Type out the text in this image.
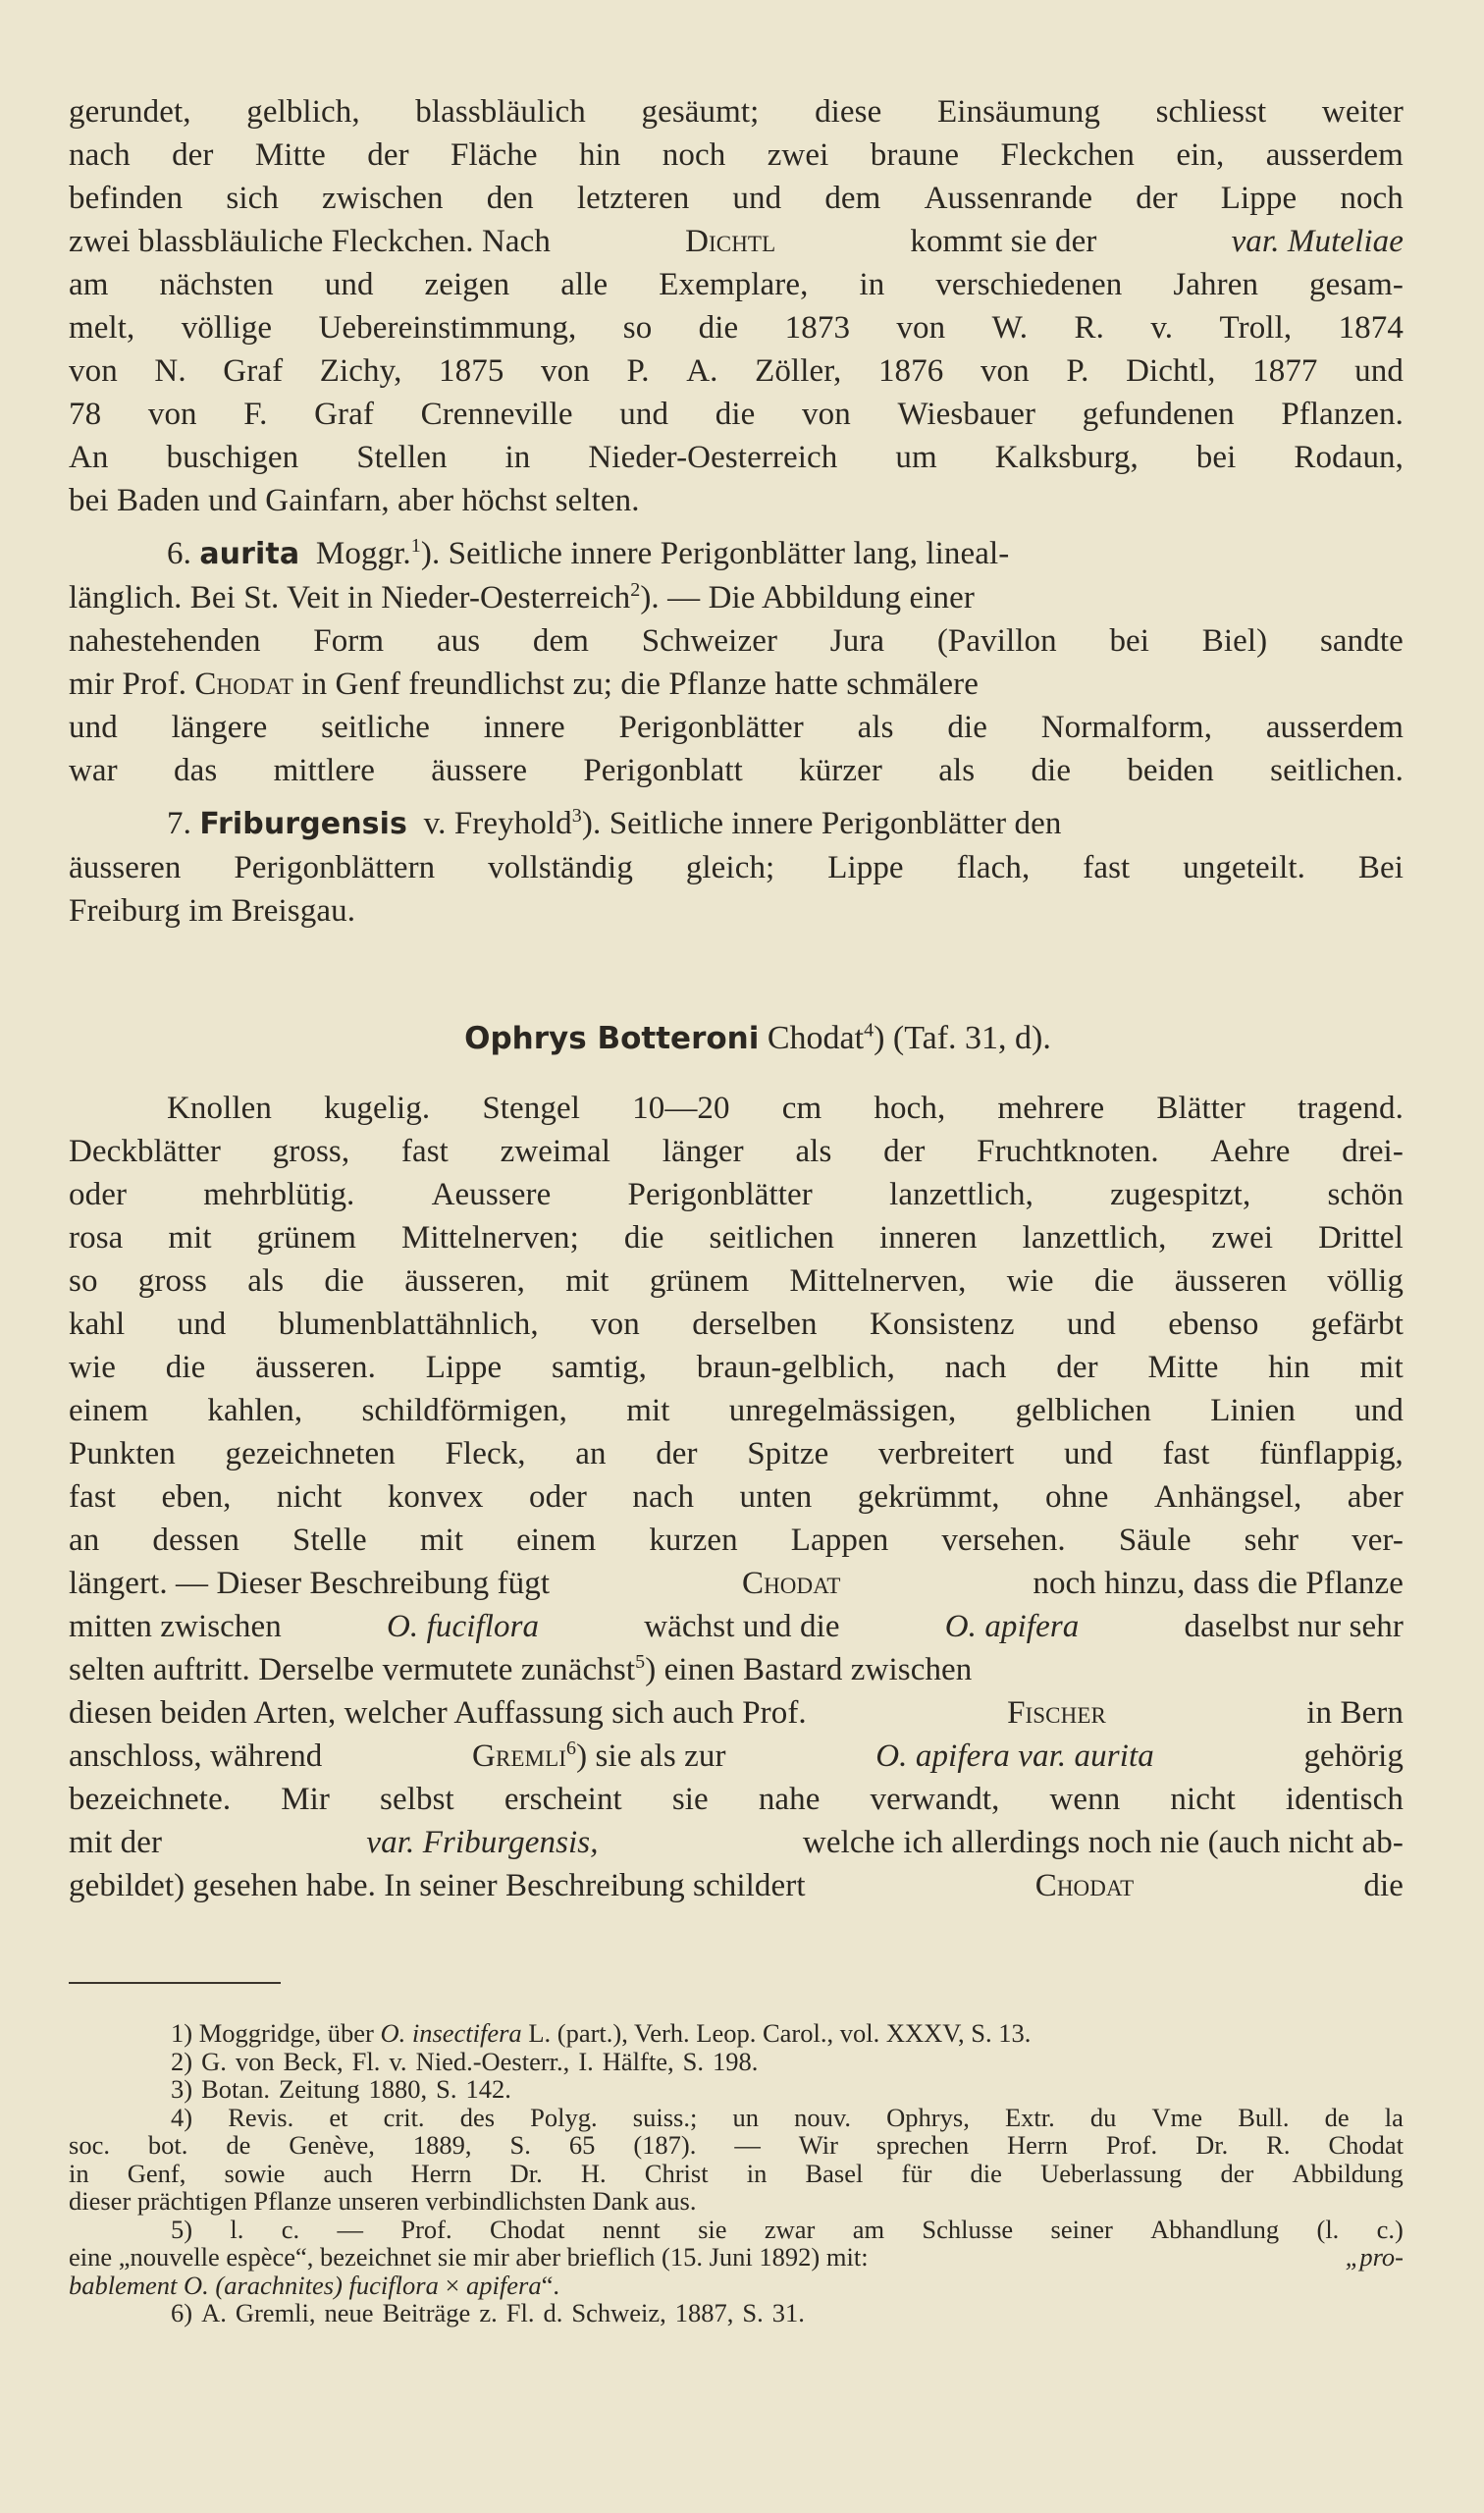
gerundet, gelblich, blassbläulich gesäumt; diese Einsäumung schliesst weiter
nach der Mitte der Fläche hin noch zwei braune Fleckchen ein, ausserdem
befinden sich zwischen den letzteren und dem Aussenrande der Lippe noch
zwei blassbläuliche Fleckchen. Nach	Dichtl	kommt sie der	var. Muteliae
am nächsten und zeigen alle Exemplare, in verschiedenen Jahren gesam-
melt, völlige Uebereinstimmung, so die 1873 von W. R. v. Troll, 1874
von N. Graf Zichy, 1875 von P. A. Zöller, 1876 von P. Dichtl, 1877 und
78 von F. Graf Crenneville und die von Wiesbauer gefundenen Pflanzen.
An buschigen Stellen in Nieder-Oesterreich um Kalksburg, bei Rodaun,
bei Baden und Gainfarn, aber höchst selten.
6. aurita Moggr.$^1$). Seitliche innere Perigonblätter lang, lineal-
länglich. Bei St. Veit in Nieder-Oesterreich$^2$). — Die Abbildung einer
nahestehenden Form aus dem Schweizer Jura (Pavillon bei Biel) sandte
mir Prof. Chodat in Genf freundlichst zu; die Pflanze hatte schmälere
und längere seitliche innere Perigonblätter als die Normalform, ausserdem
war das mittlere äussere Perigonblatt kürzer als die beiden seitlichen.
7. Friburgensis v. Freyhold$^3$). Seitliche innere Perigonblätter den
äusseren Perigonblättern vollständig gleich; Lippe flach, fast ungeteilt. Bei
Freiburg im Breisgau.
Ophrys Botteroni Chodat$^4$) (Taf. 31, d).
Knollen kugelig. Stengel 10—20 cm hoch, mehrere Blätter tragend.
Deckblätter gross, fast zweimal länger als der Fruchtknoten. Aehre drei-
oder mehrblütig. Aeussere Perigonblätter lanzettlich, zugespitzt, schön
rosa mit grünem Mittelnerven; die seitlichen inneren lanzettlich, zwei Drittel
so gross als die äusseren, mit grünem Mittelnerven, wie die äusseren völlig
kahl und blumenblattähnlich, von derselben Konsistenz und ebenso gefärbt
wie die äusseren. Lippe samtig, braun-gelblich, nach der Mitte hin mit
einem kahlen, schildförmigen, mit unregelmässigen, gelblichen Linien und
Punkten gezeichneten Fleck, an der Spitze verbreitert und fast fünflappig,
fast eben, nicht konvex oder nach unten gekrümmt, ohne Anhängsel, aber
an dessen Stelle mit einem kurzen Lappen versehen. Säule sehr ver-
längert. — Dieser Beschreibung fügt	Chodat	noch hinzu, dass die Pflanze
mitten zwischen	O. fuciflora	wächst und die	O. apifera	daselbst nur sehr
selten auftritt. Derselbe vermutete zunächst$^5$) einen Bastard zwischen
diesen beiden Arten, welcher Auffassung sich auch Prof.	Fischer	in Bern
anschloss, während	Gremli$^6$) sie als zur	O. apifera var. aurita	gehörig
bezeichnete. Mir selbst erscheint sie nahe verwandt, wenn nicht identisch
mit der	var. Friburgensis,	welche ich allerdings noch nie (auch nicht ab-
gebildet) gesehen habe. In seiner Beschreibung schildert	Chodat	die
1) Moggridge, über
O. insectifera
L. (part.), Verh. Leop. Carol., vol. XXXV, S. 13.
2) G. von Beck, Fl. v. Nied.-Oesterr., I. Hälfte, S. 198.
3) Botan. Zeitung 1880, S. 142.
4) Revis. et crit. des Polyg. suiss.; un nouv. Ophrys, Extr. du Vme Bull. de la
soc. bot. de Genève, 1889, S. 65 (187). — Wir sprechen Herrn Prof. Dr. R. Chodat
in Genf, sowie auch Herrn Dr. H. Christ in Basel für die Ueberlassung der Abbildung
dieser prächtigen Pflanze unseren verbindlichsten Dank aus.
5) l. c. — Prof. Chodat nennt sie zwar am Schlusse seiner Abhandlung (l. c.)
eine „nouvelle espèce“, bezeichnet sie mir aber brieflich (15. Juni 1892) mit:	„pro-
bablement O. (arachnites) fuciflora
×
apifera “.
6) A. Gremli, neue Beiträge z. Fl. d. Schweiz, 1887, S. 31.
